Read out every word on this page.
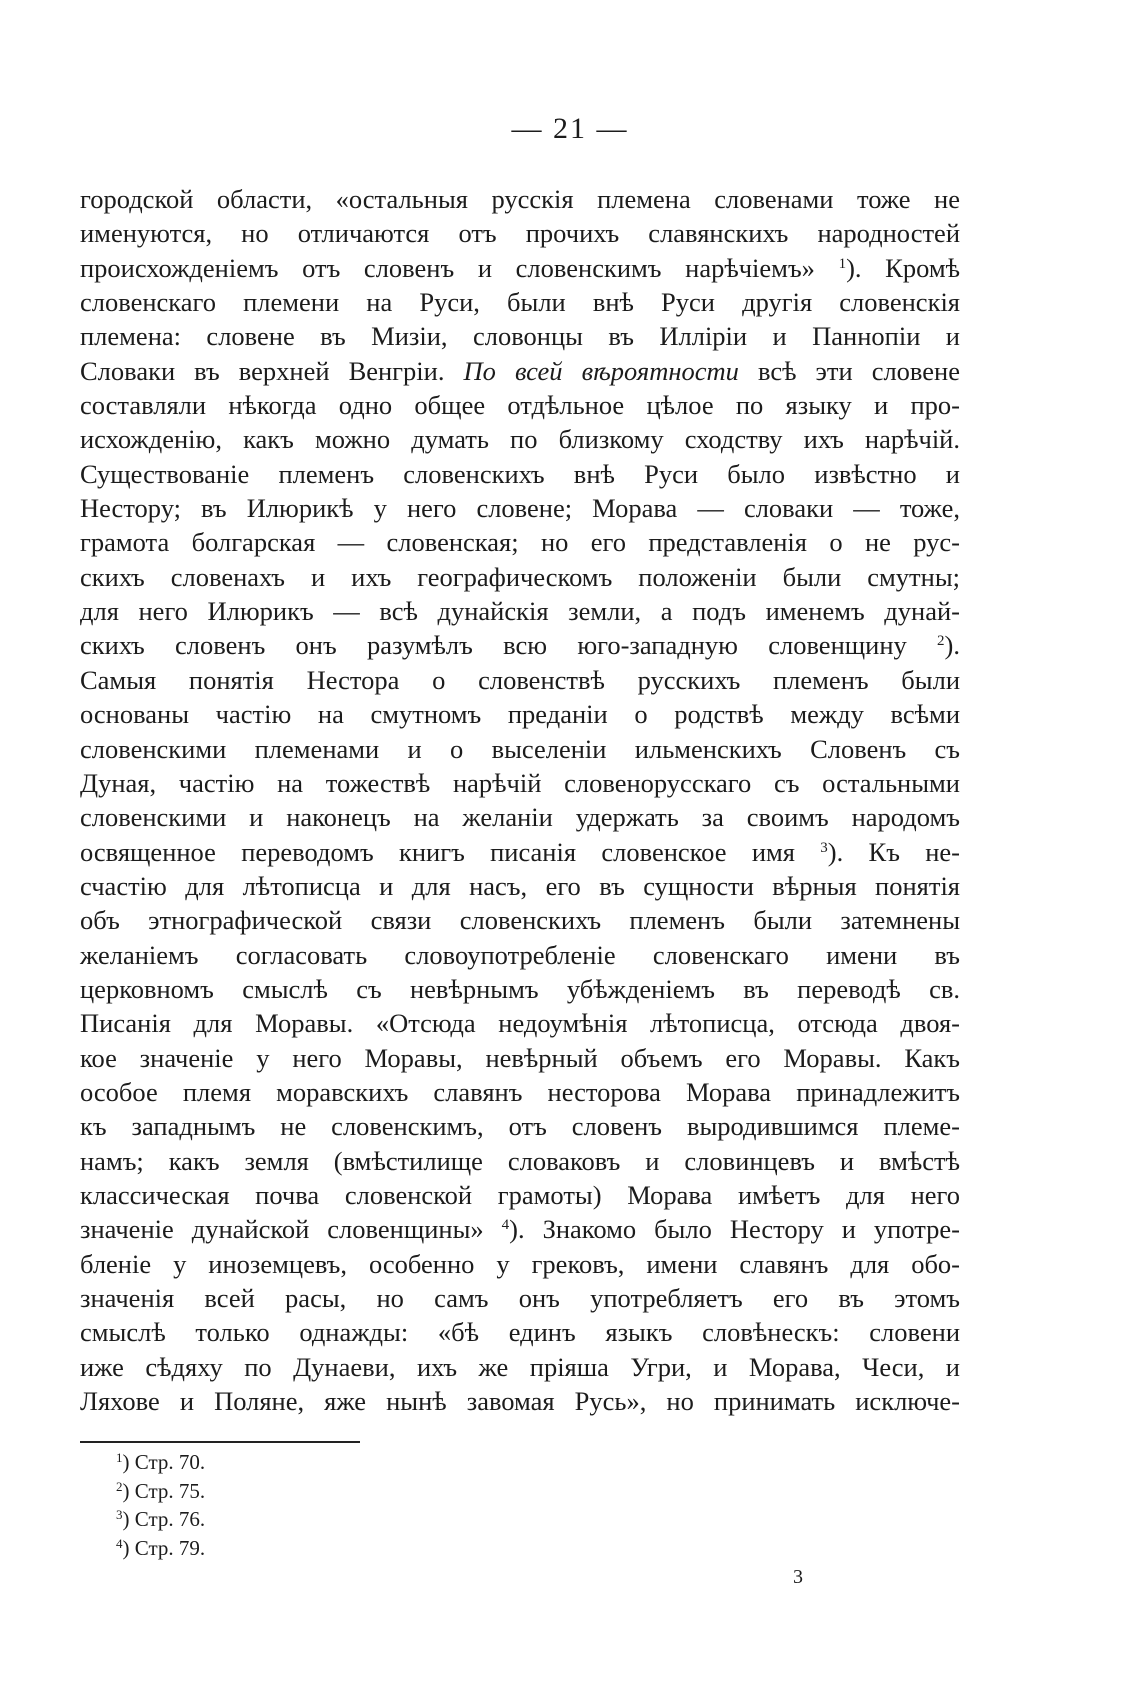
— 21 —
городской области, «остальныя русскія племена словенами тоже не
именуются, но отличаются отъ прочихъ славянскихъ народностей
происхожденіемъ отъ словенъ и словенскимъ нарѣчіемъ» $^1$). Кромѣ
словенскаго племени на Руси, были внѣ Руси другія словенскія
племена: словене въ Мизіи, словонцы въ Илліріи и Паннопіи и
Словаки въ верхней Венгріи. По всей вѣроятности всѣ эти словене
составляли нѣкогда одно общее отдѣльное цѣлое по языку и про-
исхожденію, какъ можно думать по близкому сходству ихъ нарѣчій.
Существованіе племенъ словенскихъ внѣ Руси было извѣстно и
Нестору; въ Илюрикѣ у него словене; Морава — словаки — тоже,
грамота болгарская — словенская; но его представленія о не рус-
скихъ словенахъ и ихъ географическомъ положеніи были смутны;
для него Илюрикъ — всѣ дунайскія земли, а подъ именемъ дунай-
скихъ словенъ онъ разумѣлъ всю юго-западную словенщину $^2$).
Самыя понятія Нестора о словенствѣ русскихъ племенъ были
основаны частію на смутномъ преданіи о родствѣ между всѣми
словенскими племенами и о выселеніи ильменскихъ Словенъ съ
Дуная, частію на тожествѣ нарѣчій словенорусскаго съ остальными
словенскими и наконецъ на желаніи удержать за своимъ народомъ
освященное переводомъ книгъ писанія словенское имя $^3$). Къ не-
счастію для лѣтописца и для насъ, его въ сущности вѣрныя понятія
объ этнографической связи словенскихъ племенъ были затемнены
желаніемъ согласовать словоупотребленіе словенскаго имени въ
церковномъ смыслѣ съ невѣрнымъ убѣжденіемъ въ переводѣ св.
Писанія для Моравы. «Отсюда недоумѣнія лѣтописца, отсюда двоя-
кое значеніе у него Моравы, невѣрный объемъ его Моравы. Какъ
особое племя моравскихъ славянъ несторова Морава принадлежитъ
къ западнымъ не словенскимъ, отъ словенъ выродившимся племе-
намъ; какъ земля (вмѣстилище словаковъ и словинцевъ и вмѣстѣ
классическая почва словенской грамоты) Морава имѣетъ для него
значеніе дунайской словенщины» $^4$). Знакомо было Нестору и употре-
бленіе у иноземцевъ, особенно у грековъ, имени славянъ для обо-
значенія всей расы, но самъ онъ употребляетъ его въ этомъ
смыслѣ только однажды: «бѣ единъ языкъ словѣнескъ: словени
иже сѣдяху по Дунаеви, ихъ же пріяша Угри, и Морава, Чеси, и
Ляхове и Поляне, яже нынѣ завомая Русь», но принимать исключе-
$^1$) Стр. 70.
$^2$) Стр. 75.
$^3$) Стр. 76.
$^4$) Стр. 79.
3
